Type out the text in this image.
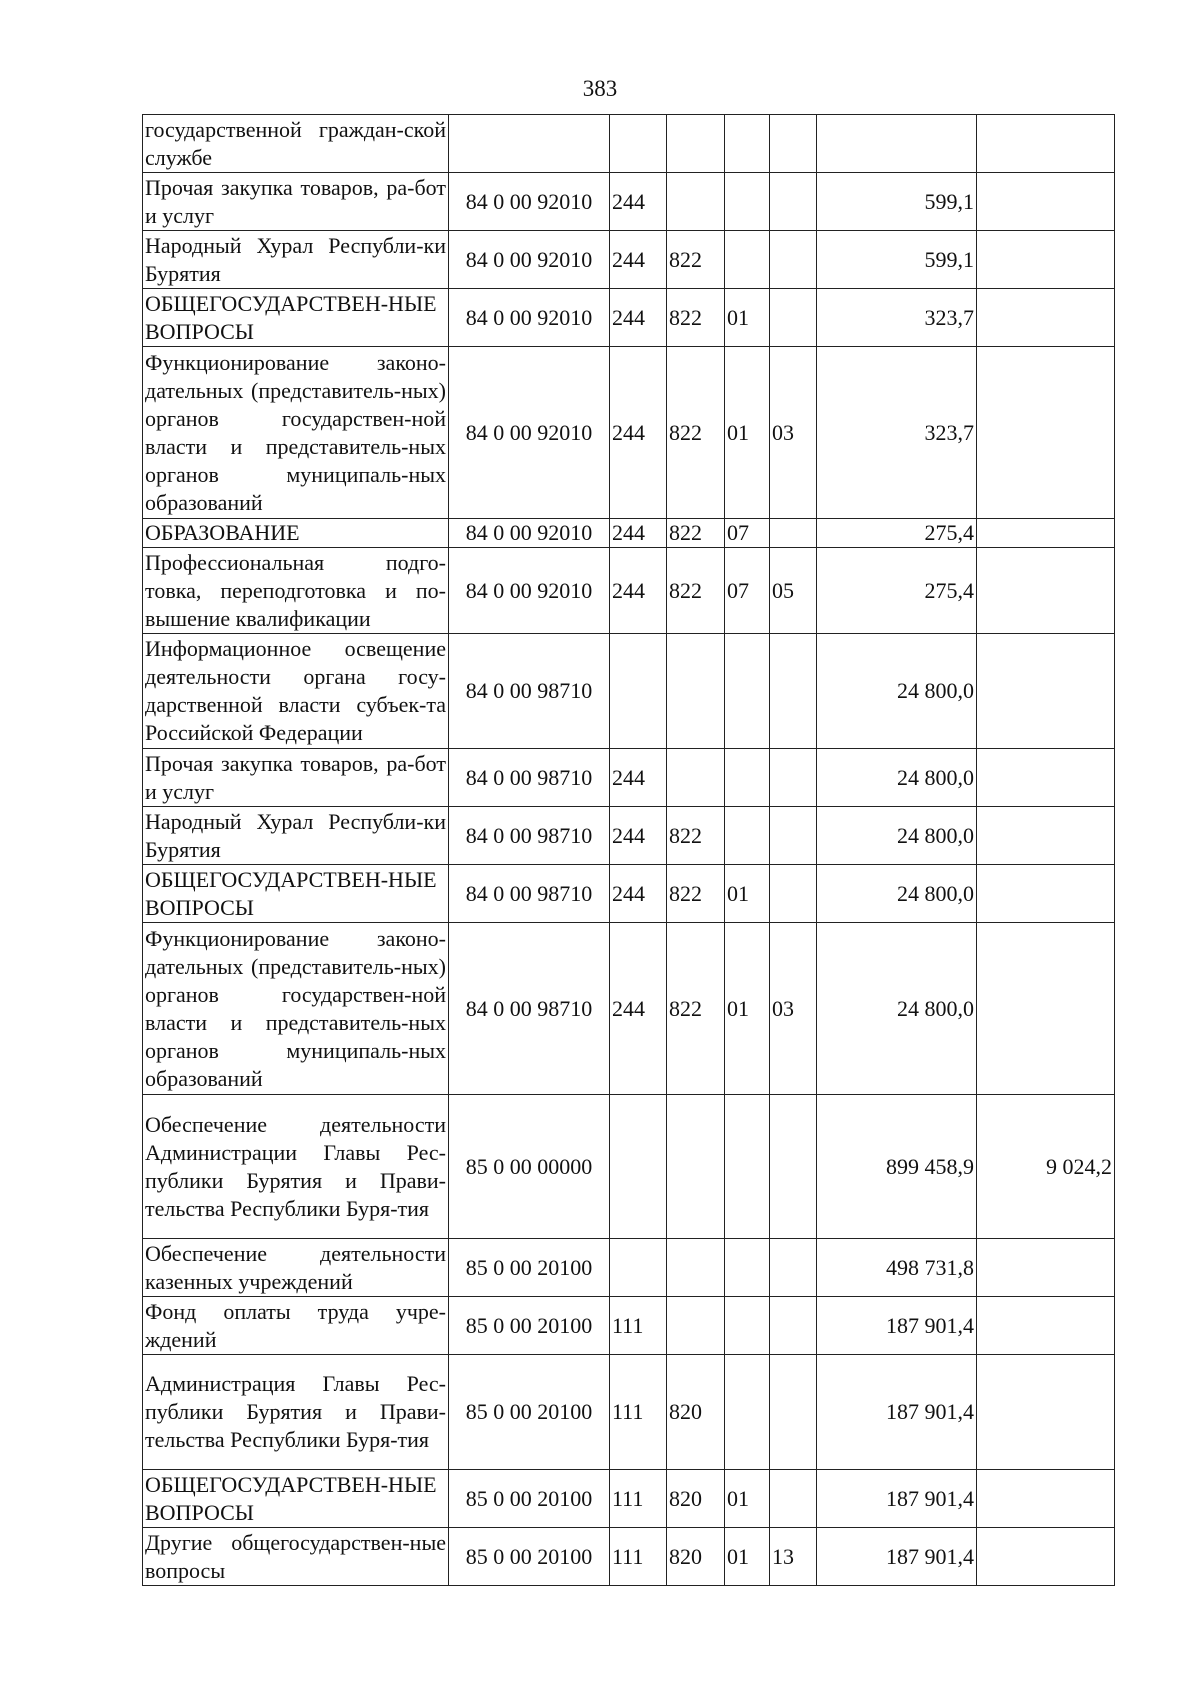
383
государственной граждан-ской службе							
Прочая закупка товаров, ра-бот и услуг	84 0 00 92010	244				599,1	
Народный Хурал Республи-ки Бурятия	84 0 00 92010	244	822			599,1	
ОБЩЕГОСУДАРСТВЕН-НЫЕ ВОПРОСЫ	84 0 00 92010	244	822	01		323,7	
Функционирование законо-дательных (представитель-ных) органов государствен-ной власти и представитель-ных органов муниципаль-ных образований	84 0 00 92010	244	822	01	03	323,7	
ОБРАЗОВАНИЕ	84 0 00 92010	244	822	07		275,4	
Профессиональная подго-товка, переподготовка и по-вышение квалификации	84 0 00 92010	244	822	07	05	275,4	
Информационное освещение деятельности органа госу-дарственной власти субъек-та Российской Федерации	84 0 00 98710					24 800,0	
Прочая закупка товаров, ра-бот и услуг	84 0 00 98710	244				24 800,0	
Народный Хурал Республи-ки Бурятия	84 0 00 98710	244	822			24 800,0	
ОБЩЕГОСУДАРСТВЕН-НЫЕ ВОПРОСЫ	84 0 00 98710	244	822	01		24 800,0	
Функционирование законо-дательных (представитель-ных) органов государствен-ной власти и представитель-ных органов муниципаль-ных образований	84 0 00 98710	244	822	01	03	24 800,0	
Обеспечение деятельности Администрации Главы Рес-публики Бурятия и Прави-тельства Республики Буря-тия	85 0 00 00000					899 458,9	9 024,2
Обеспечение деятельности казенных учреждений	85 0 00 20100					498 731,8	
Фонд оплаты труда учре-ждений	85 0 00 20100	111				187 901,4	
Администрация Главы Рес-публики Бурятия и Прави-тельства Республики Буря-тия	85 0 00 20100	111	820			187 901,4	
ОБЩЕГОСУДАРСТВЕН-НЫЕ ВОПРОСЫ	85 0 00 20100	111	820	01		187 901,4	
Другие общегосударствен-ные вопросы	85 0 00 20100	111	820	01	13	187 901,4	
